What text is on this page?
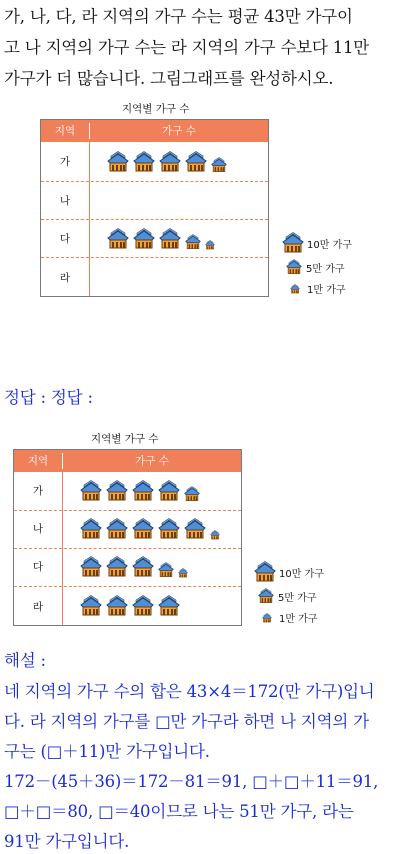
가, 나, 다, 라 지역의 가구 수는 평균 43만 가구이
고 나 지역의 가구 수는 라 지역의 가구 수보다 11만
가구가 더 많습니다. 그림그래프를 완성하시오.
지역별 가구 수
지역	가구 수
가
나
다
라
10만 가구
5만 가구
1만 가구
정답 : 정답 :
지역별 가구 수
지역	가구 수
가
나
다
라
10만 가구
5만 가구
1만 가구
해설 :
네 지역의 가구 수의 합은 43×4＝172(만 가구)입니
다. 라 지역의 가구를 □만 가구라 하면 나 지역의 가
구는 (□＋11)만 가구입니다.
172－(45＋36)＝172－81＝91, □＋□＋11＝91,
□＋□＝80, □＝40이므로 나는 51만 가구, 라는
91만 가구입니다.
